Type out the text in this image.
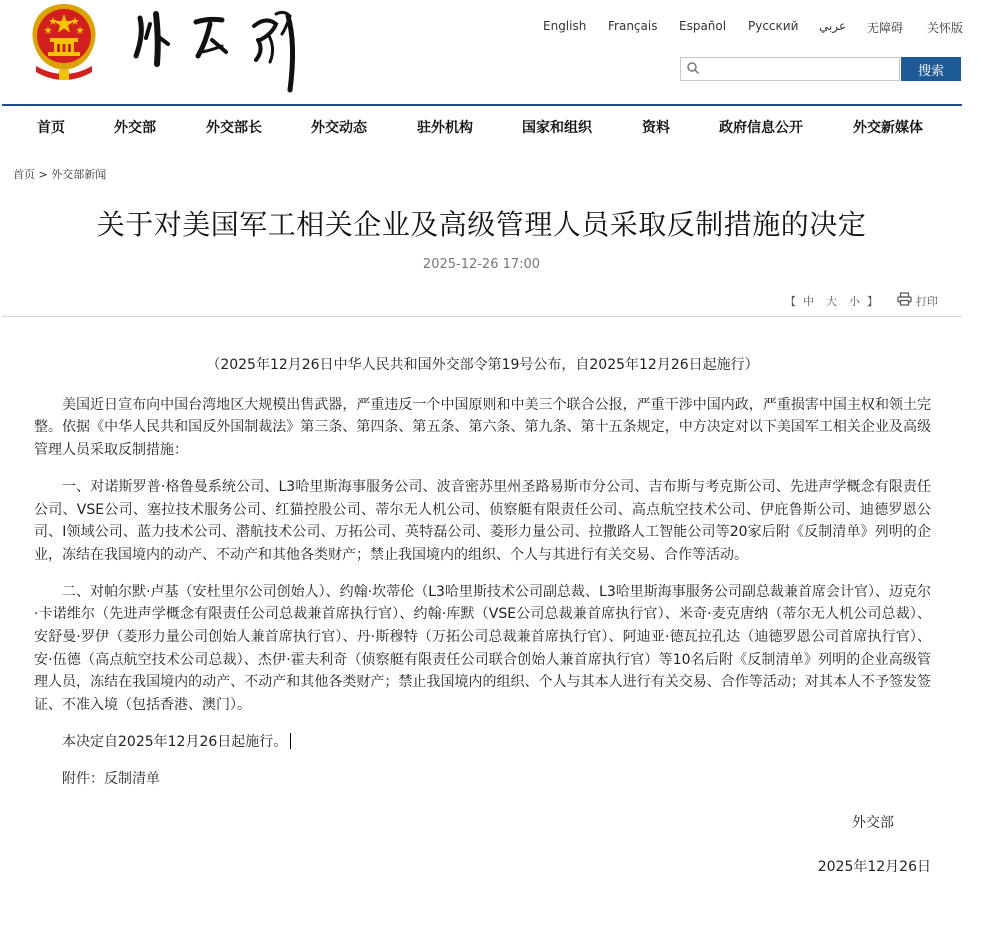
English Français Español Русский عربي 无障碍 关怀版
搜索
首页	外交部	外交部长	外交动态	驻外机构	国家和组织	资料	政府信息公开	外交新媒体
首页 > 外交部新闻
关于对美国军工相关企业及高级管理人员采取反制措施的决定
2025-12-26 17:00
【 中 大 小 】	打印

（2025年12月26日中华人民共和国外交部令第19号公布，自2025年12月26日起施行）

美国近日宣布向中国台湾地区大规模出售武器，严重违反一个中国原则和中美三个联合公报，严重干涉中国内政，严重损害中国主权和领土完整。依据《中华人民共和国反外国制裁法》第三条、第四条、第五条、第六条、第九条、第十五条规定，中方决定对以下美国军工相关企业及高级管理人员采取反制措施：

一、对诺斯罗普·格鲁曼系统公司、L3哈里斯海事服务公司、波音密苏里州圣路易斯市分公司、吉布斯与考克斯公司、先进声学概念有限责任公司、VSE公司、塞拉技术服务公司、红猫控股公司、蒂尔无人机公司、侦察艇有限责任公司、高点航空技术公司、伊庇鲁斯公司、迪德罗恩公司、I领域公司、蓝力技术公司、潜航技术公司、万拓公司、英特磊公司、菱形力量公司、拉撒路人工智能公司等20家后附《反制清单》列明的企业，冻结在我国境内的动产、不动产和其他各类财产；禁止我国境内的组织、个人与其进行有关交易、合作等活动。

二、对帕尔默·卢基（安杜里尔公司创始人）、约翰·坎蒂伦（L3哈里斯技术公司副总裁、L3哈里斯海事服务公司副总裁兼首席会计官）、迈克尔·卡诺维尔（先进声学概念有限责任公司总裁兼首席执行官）、约翰·库默（VSE公司总裁兼首席执行官）、米奇·麦克唐纳（蒂尔无人机公司总裁）、安舒曼·罗伊（菱形力量公司创始人兼首席执行官）、丹·斯穆特（万拓公司总裁兼首席执行官）、阿迪亚·德瓦拉孔达（迪德罗恩公司首席执行官）、安·伍德（高点航空技术公司总裁）、杰伊·霍夫利奇（侦察艇有限责任公司联合创始人兼首席执行官）等10名后附《反制清单》列明的企业高级管理人员，冻结在我国境内的动产、不动产和其他各类财产；禁止我国境内的组织、个人与其本人进行有关交易、合作等活动；对其本人不予签发签证、不准入境（包括香港、澳门）。

本决定自2025年12月26日起施行。

附件：反制清单

外交部

2025年12月26日
